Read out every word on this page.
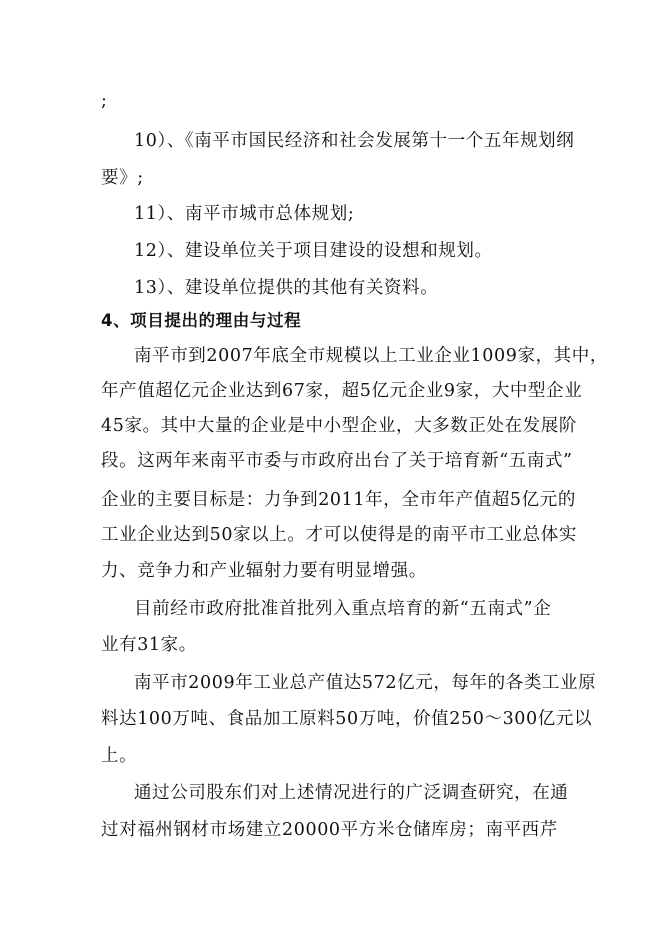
;
10）、《南平市国民经济和社会发展第十一个五年规划纲
要》;
11）、南平市城市总体规划;
12）、建设单位关于项目建设的设想和规划。
13）、建设单位提供的其他有关资料。
4、项目提出的理由与过程
南平市到2007年底全市规模以上工业企业1009家，其中，
年产值超亿元企业达到67家，超5亿元企业9家，大中型企业
45家。其中大量的企业是中小型企业，大多数正处在发展阶
段。这两年来南平市委与市政府出台了关于培育新“五南式”
企业的主要目标是：力争到2011年，全市年产值超5亿元的
工业企业达到50家以上。才可以使得是的南平市工业总体实
力、竞争力和产业辐射力要有明显增强。
目前经市政府批准首批列入重点培育的新“五南式”企
业有31家。
南平市2009年工业总产值达572亿元，每年的各类工业原
料达100万吨、食品加工原料50万吨，价值250～300亿元以
上。
通过公司股东们对上述情况进行的广泛调查研究，在通
过对福州钢材市场建立20000平方米仓储库房；南平西芹
